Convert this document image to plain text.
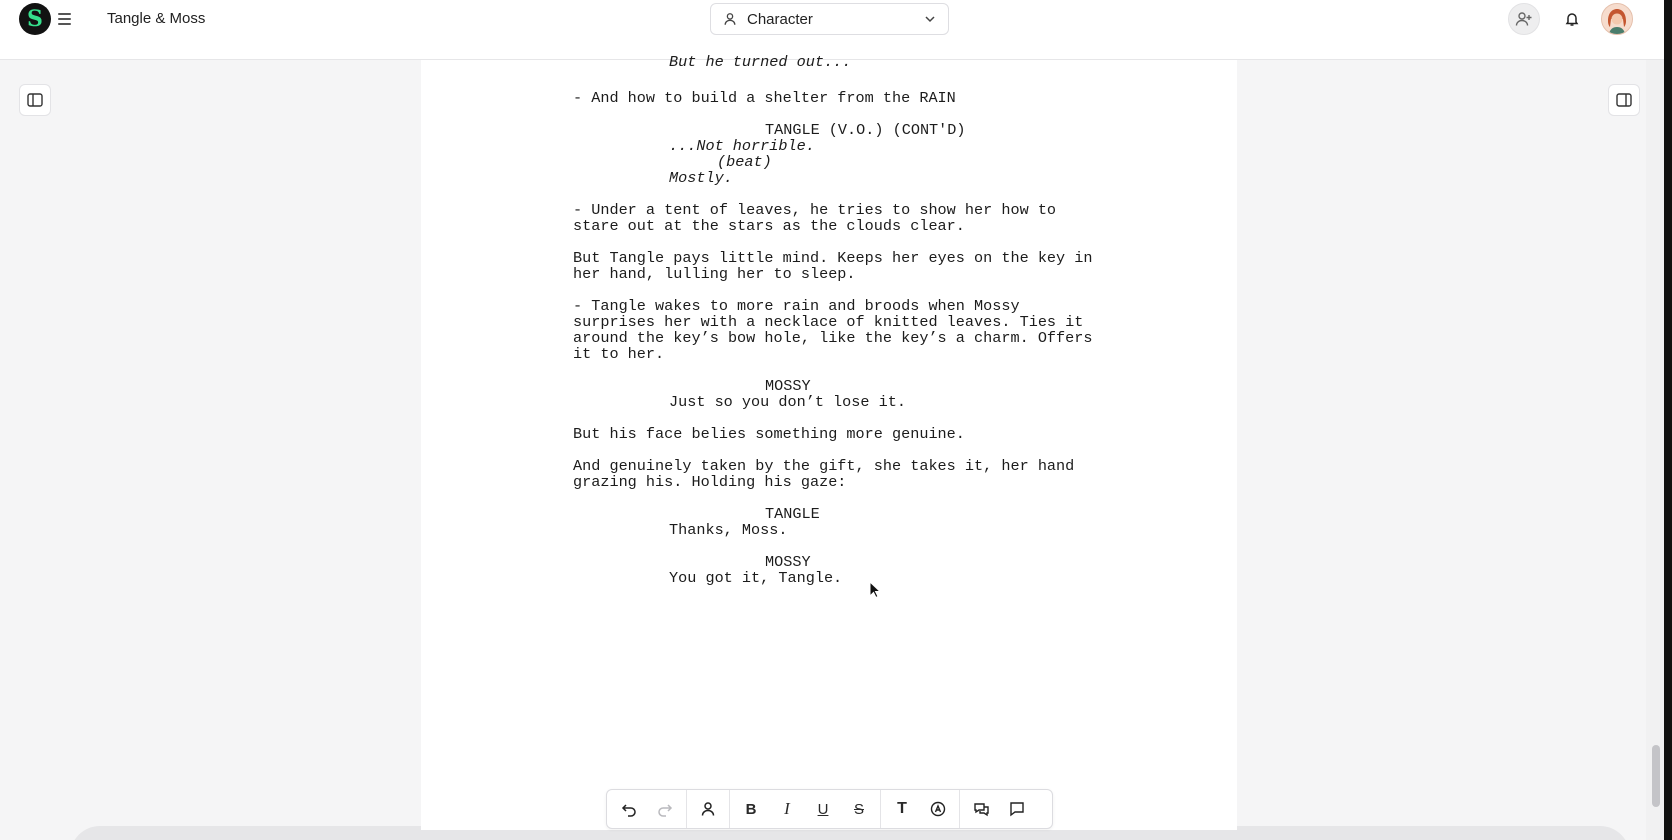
S	Tangle & Moss	Character
But he turned out...
- And how to build a shelter from the RAIN
TANGLE (V.O.) (CONT'D)
...Not horrible.
(beat)
Mostly.
- Under a tent of leaves, he tries to show her how to
stare out at the stars as the clouds clear.
But Tangle pays little mind. Keeps her eyes on the key in
her hand, lulling her to sleep.
- Tangle wakes to more rain and broods when Mossy
surprises her with a necklace of knitted leaves. Ties it
around the key’s bow hole, like the key’s a charm. Offers
it to her.
MOSSY
Just so you don’t lose it.
But his face belies something more genuine.
And genuinely taken by the gift, she takes it, her hand
grazing his. Holding his gaze:
TANGLE
Thanks, Moss.
MOSSY
You got it, Tangle.
B	I	U	S	T
